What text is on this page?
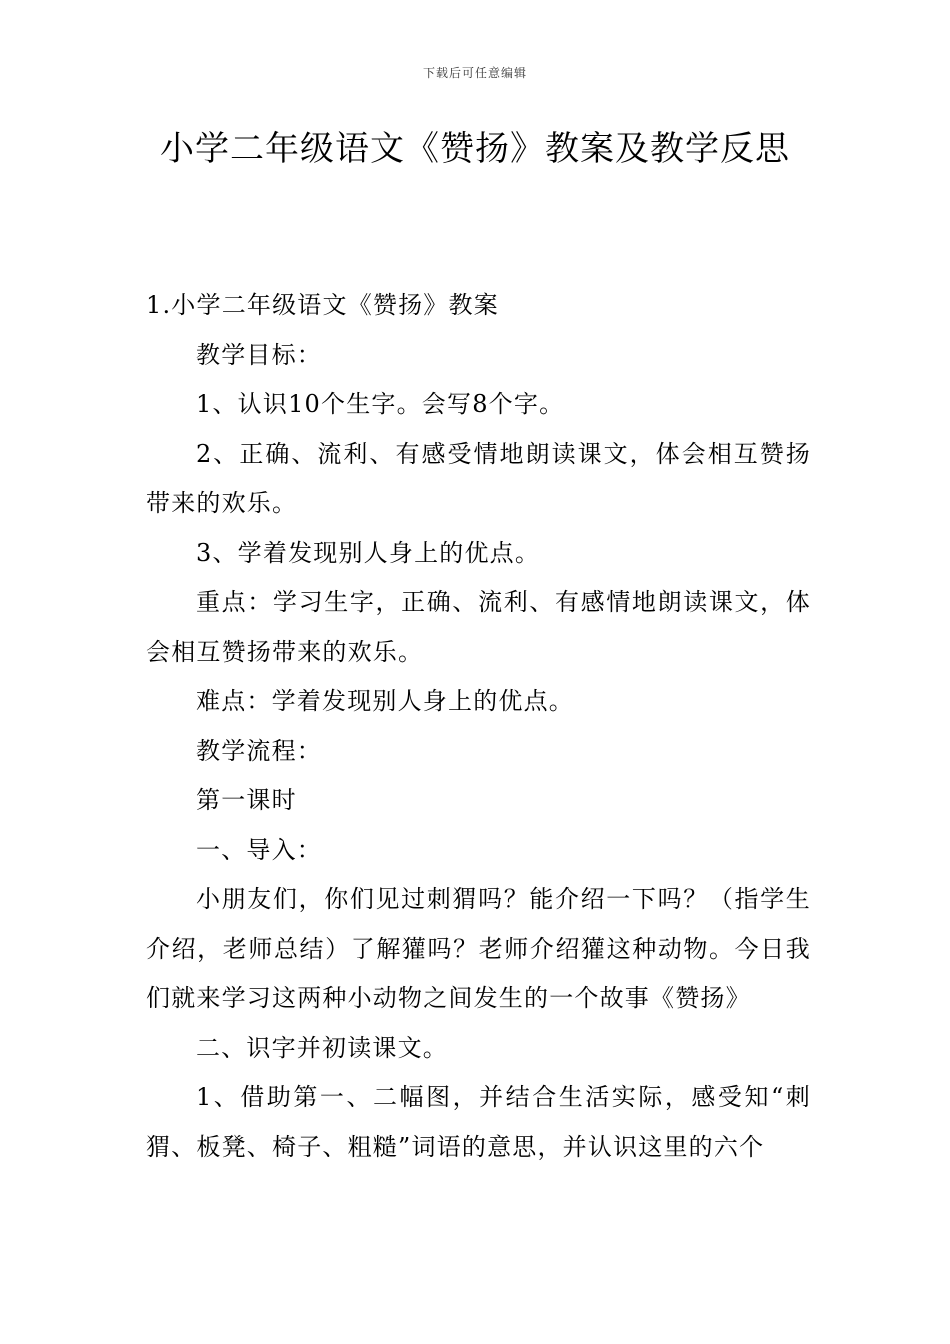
下载后可任意编辑
小学二年级语文《赞扬》教案及教学反思

1.小学二年级语文《赞扬》教案

教学目标：

1、认识10个生字。会写8个字。

2、正确、流利、有感受情地朗读课文，体会相互赞扬带来的欢乐。

3、学着发现别人身上的优点。

重点：学习生字，正确、流利、有感情地朗读课文，体会相互赞扬带来的欢乐。

难点：学着发现别人身上的优点。

教学流程：

第一课时

一、导入：

小朋友们，你们见过刺猬吗？能介绍一下吗？（指学生介绍，老师总结）了解獾吗？老师介绍獾这种动物。今日我们就来学习这两种小动物之间发生的一个故事《赞扬》

二、识字并初读课文。

1、借助第一、二幅图，并结合生活实际，感受知“刺猬、板凳、椅子、粗糙”词语的意思，并认识这里的六个
